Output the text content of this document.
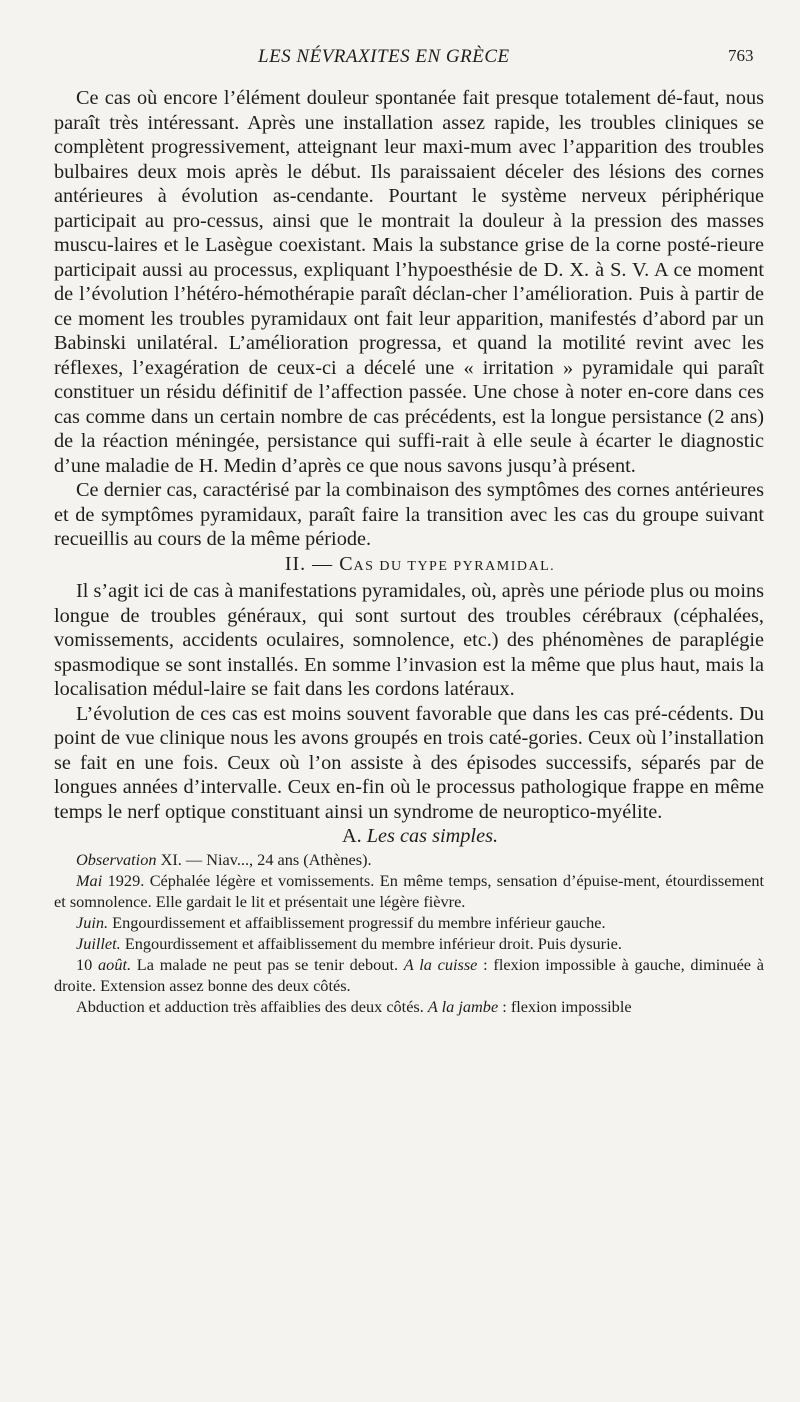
LES NÉVRAXITES EN GRÈCE	763

Ce cas où encore l’élément douleur spontanée fait presque totalement dé-faut, nous paraît très intéressant. Après une installation assez rapide, les troubles cliniques se complètent progressivement, atteignant leur maxi-mum avec l’apparition des troubles bulbaires deux mois après le début. Ils paraissaient déceler des lésions des cornes antérieures à évolution as-cendante. Pourtant le système nerveux périphérique participait au pro-cessus, ainsi que le montrait la douleur à la pression des masses muscu-laires et le Lasègue coexistant. Mais la substance grise de la corne posté-rieure participait aussi au processus, expliquant l’hypoesthésie de D. X. à S. V. A ce moment de l’évolution l’hétéro-hémothérapie paraît déclan-cher l’amélioration. Puis à partir de ce moment les troubles pyramidaux ont fait leur apparition, manifestés d’abord par un Babinski unilatéral. L’amélioration progressa, et quand la motilité revint avec les réflexes, l’exagération de ceux-ci a décelé une « irritation » pyramidale qui paraît constituer un résidu définitif de l’affection passée. Une chose à noter en-core dans ces cas comme dans un certain nombre de cas précédents, est la longue persistance (2 ans) de la réaction méningée, persistance qui suffi-rait à elle seule à écarter le diagnostic d’une maladie de H. Medin d’après ce que nous savons jusqu’à présent.

Ce dernier cas, caractérisé par la combinaison des symptômes des cornes antérieures et de symptômes pyramidaux, paraît faire la transition avec les cas du groupe suivant recueillis au cours de la même période.

II. — CAS DU TYPE PYRAMIDAL.

Il s’agit ici de cas à manifestations pyramidales, où, après une période plus ou moins longue de troubles généraux, qui sont surtout des troubles cérébraux (céphalées, vomissements, accidents oculaires, somnolence, etc.) des phénomènes de paraplégie spasmodique se sont installés. En somme l’invasion est la même que plus haut, mais la localisation médul-laire se fait dans les cordons latéraux.

L’évolution de ces cas est moins souvent favorable que dans les cas pré-cédents. Du point de vue clinique nous les avons groupés en trois caté-gories. Ceux où l’installation se fait en une fois. Ceux où l’on assiste à des épisodes successifs, séparés par de longues années d’intervalle. Ceux en-fin où le processus pathologique frappe en même temps le nerf optique constituant ainsi un syndrome de neuroptico-myélite.

A. Les cas simples.

Observation XI. — Niav..., 24 ans (Athènes).

Mai 1929. Céphalée légère et vomissements. En même temps, sensation d’épuise-ment, étourdissement et somnolence. Elle gardait le lit et présentait une légère fièvre.

Juin. Engourdissement et affaiblissement progressif du membre inférieur gauche.

Juillet. Engourdissement et affaiblissement du membre inférieur droit. Puis dysurie.

10 août. La malade ne peut pas se tenir debout. A la cuisse : flexion impossible à gauche, diminuée à droite. Extension assez bonne des deux côtés.

Abduction et adduction très affaiblies des deux côtés. A la jambe : flexion impossible
